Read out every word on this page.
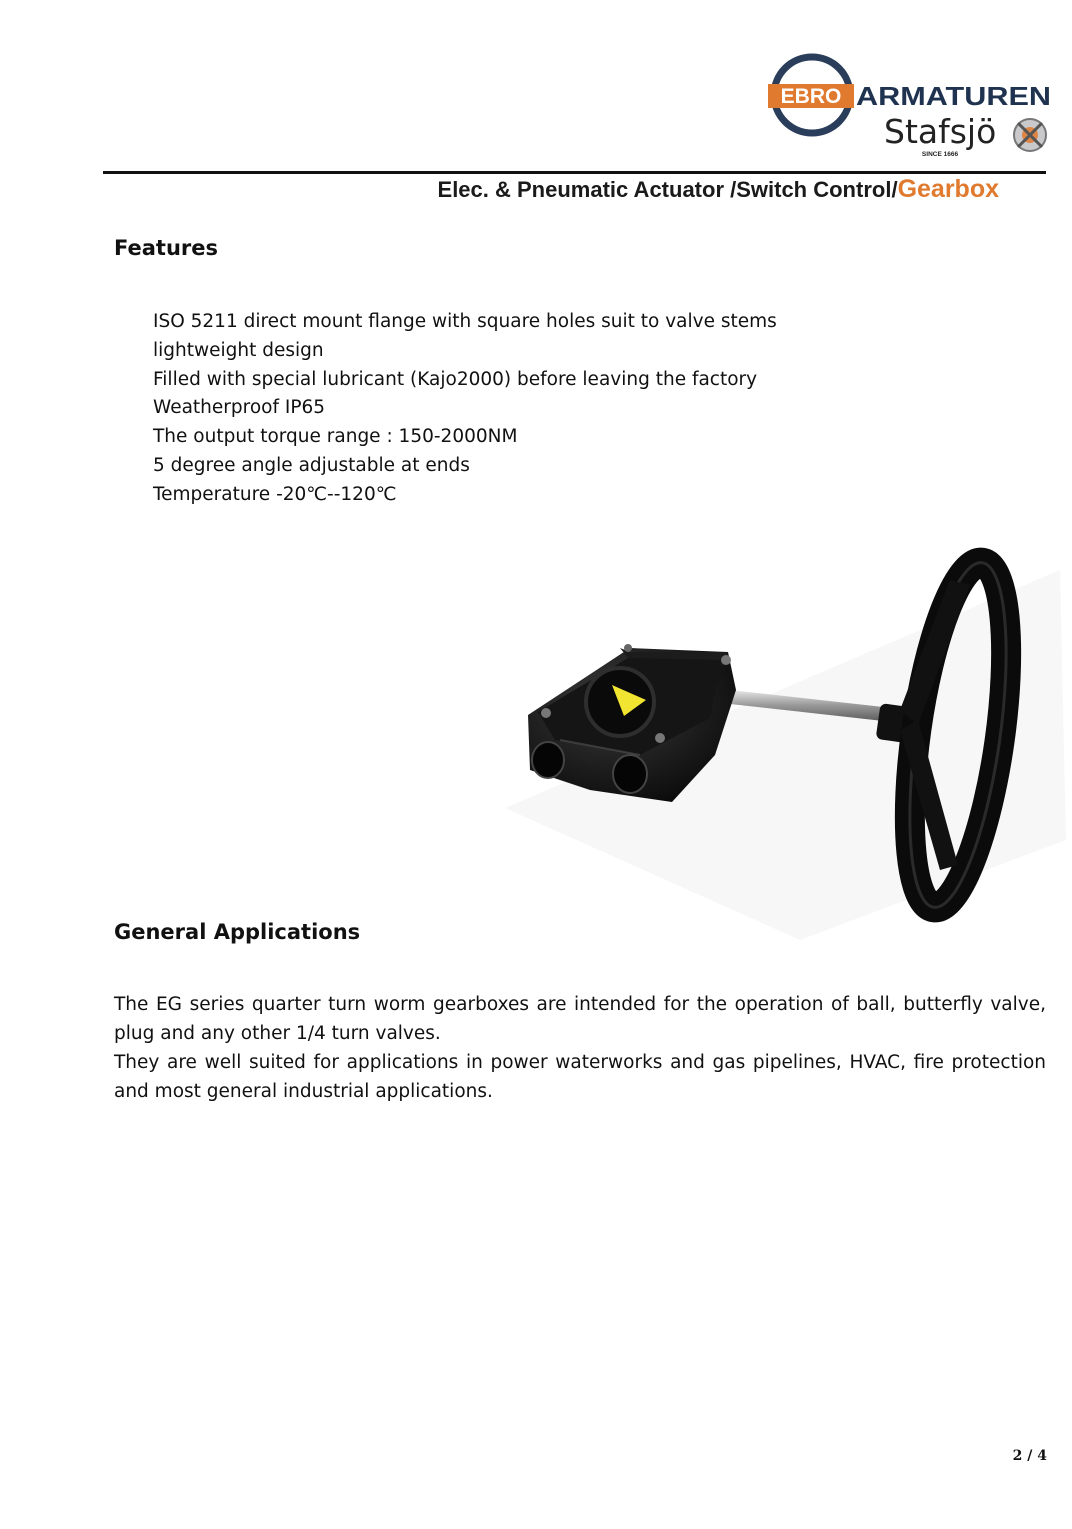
EBRO ARMATUREN
Stafsjö
SINCE 1666
Elec. & Pneumatic Actuator /Switch Control/Gearbox
Features
ISO 5211 direct mount flange with square holes suit to valve stems
lightweight design
Filled with special lubricant (Kajo2000) before leaving the factory
Weatherproof IP65
The output torque range : 150-2000NM
5 degree angle adjustable at ends
Temperature -20℃--120℃
General Applications

The EG series quarter turn worm gearboxes are intended for the operation of ball, butterfly valve, plug and any other 1/4 turn valves.

They are well suited for applications in power waterworks and gas pipelines, HVAC, fire protection and most general industrial applications.

2 / 4
